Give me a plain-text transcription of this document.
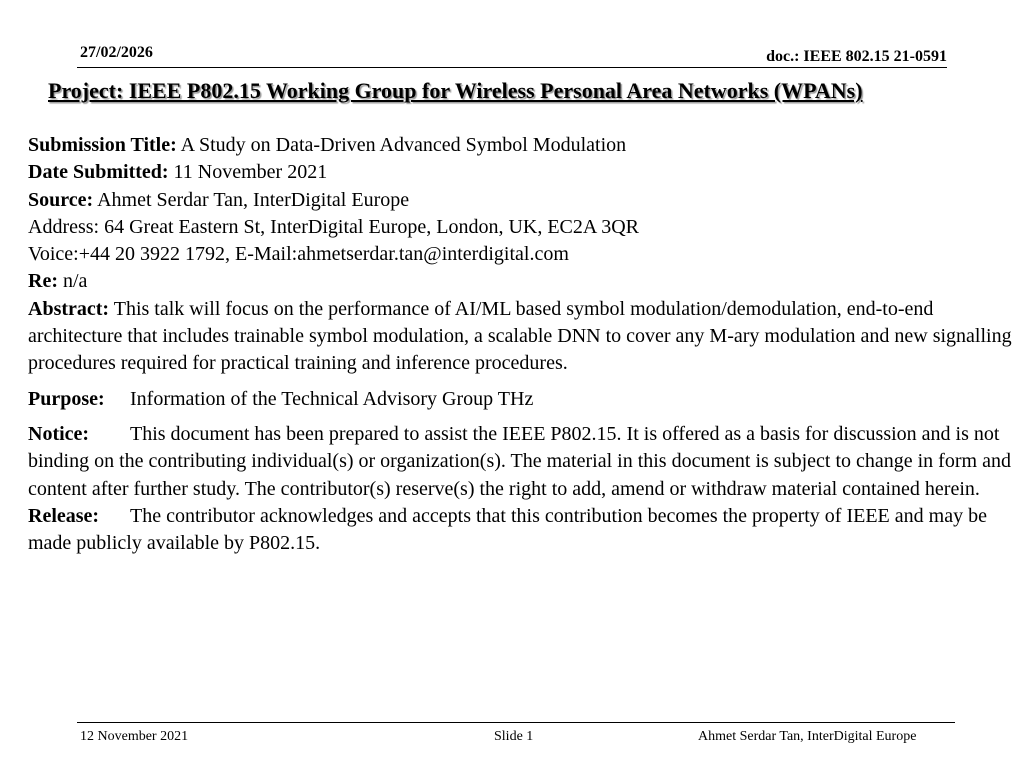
27/02/2026	doc.: IEEE 802.15 21-0591
Project: IEEE P802.15 Working Group for Wireless Personal Area Networks (WPANs)

Submission Title: A Study on Data-Driven Advanced Symbol Modulation

Date Submitted: 11 November 2021

Source: Ahmet Serdar Tan, InterDigital Europe

Address: 64 Great Eastern St, InterDigital Europe, London, UK, EC2A 3QR

Voice:+44 20 3922 1792, E-Mail:ahmetserdar.tan@interdigital.com

Re: n/a

Abstract: This talk will focus on the performance of AI/ML based symbol modulation/demodulation, end-to-end architecture that includes trainable symbol modulation, a scalable DNN to cover any M-ary modulation and new signalling procedures required for practical training and inference procedures.

Purpose: Information of the Technical Advisory Group THz

Notice: This document has been prepared to assist the IEEE P802.15. It is offered as a basis for discussion and is not binding on the contributing individual(s) or organization(s). The material in this document is subject to change in form and content after further study. The contributor(s) reserve(s) the right to add, amend or withdraw material contained herein.

Release: The contributor acknowledges and accepts that this contribution becomes the property of IEEE and may be made publicly available by P802.15.

12 November 2021	Slide 1	Ahmet Serdar Tan, InterDigital Europe
